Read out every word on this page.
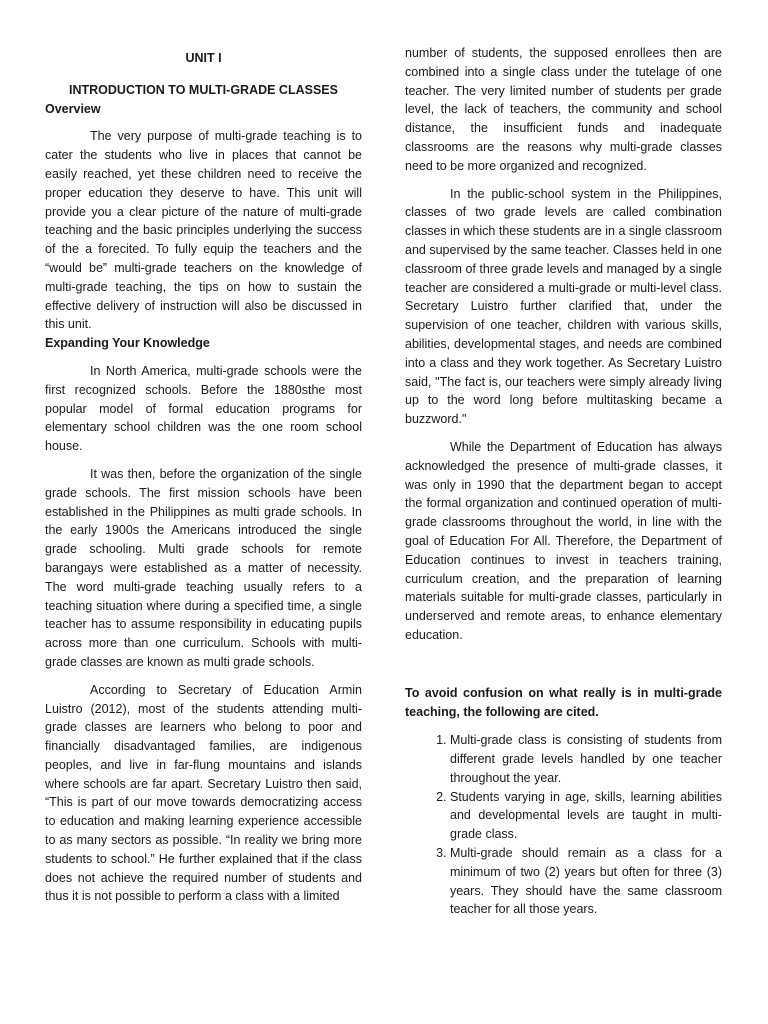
UNIT I

INTRODUCTION TO MULTI-GRADE CLASSES

Overview

The very purpose of multi-grade teaching is to cater the students who live in places that cannot be easily reached, yet these children need to receive the proper education they deserve to have. This unit will provide you a clear picture of the nature of multi-grade teaching and the basic principles underlying the success of the a forecited. To fully equip the teachers and the “would be” multi-grade teachers on the knowledge of multi-grade teaching, the tips on how to sustain the effective delivery of instruction will also be discussed in this unit.

Expanding Your Knowledge

In North America, multi-grade schools were the first recognized schools. Before the 1880sthe most popular model of formal education programs for elementary school children was the one room school house.

It was then, before the organization of the single grade schools. The first mission schools have been established in the Philippines as multi grade schools. In the early 1900s the Americans introduced the single grade schooling. Multi grade schools for remote barangays were established as a matter of necessity. The word multi-grade teaching usually refers to a teaching situation where during a specified time, a single teacher has to assume responsibility in educating pupils across more than one curriculum. Schools with multi-grade classes are known as multi grade schools.

According to Secretary of Education Armin Luistro (2012), most of the students attending multi-grade classes are learners who belong to poor and financially disadvantaged families, are indigenous peoples, and live in far-flung mountains and islands where schools are far apart. Secretary Luistro then said, “This is part of our move towards democratizing access to education and making learning experience accessible to as many sectors as possible. “In reality we bring more students to school.” He further explained that if the class does not achieve the required number of students and thus it is not possible to perform a class with a limited

number of students, the supposed enrollees then are combined into a single class under the tutelage of one teacher. The very limited number of students per grade level, the lack of teachers, the community and school distance, the insufficient funds and inadequate classrooms are the reasons why multi-grade classes need to be more organized and recognized.

In the public-school system in the Philippines, classes of two grade levels are called combination classes in which these students are in a single classroom and supervised by the same teacher. Classes held in one classroom of three grade levels and managed by a single teacher are considered a multi-grade or multi-level class. Secretary Luistro further clarified that, under the supervision of one teacher, children with various skills, abilities, developmental stages, and needs are combined into a class and they work together. As Secretary Luistro said, "The fact is, our teachers were simply already living up to the word long before multitasking became a buzzword."

While the Department of Education has always acknowledged the presence of multi-grade classes, it was only in 1990 that the department began to accept the formal organization and continued operation of multi-grade classrooms throughout the world, in line with the goal of Education For All. Therefore, the Department of Education continues to invest in teachers training, curriculum creation, and the preparation of learning materials suitable for multi-grade classes, particularly in underserved and remote areas, to enhance elementary education.

To avoid confusion on what really is in multi-grade teaching, the following are cited.

1. Multi-grade class is consisting of students from different grade levels handled by one teacher throughout the year.
2. Students varying in age, skills, learning abilities and developmental levels are taught in multi-grade class.
3. Multi-grade should remain as a class for a minimum of two (2) years but often for three (3) years. They should have the same classroom teacher for all those years.
